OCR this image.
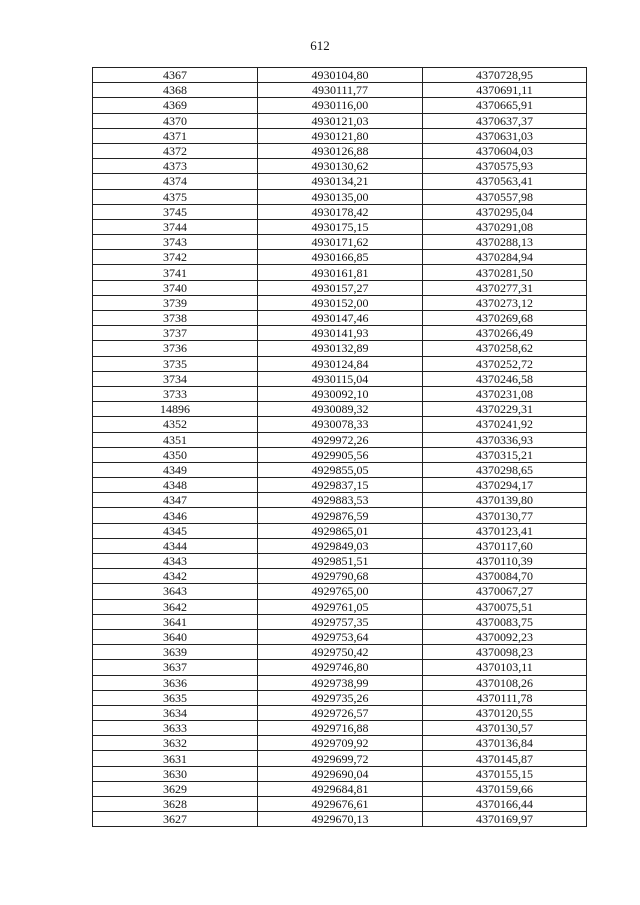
612
4367	4930104,80	4370728,95
4368	4930111,77	4370691,11
4369	4930116,00	4370665,91
4370	4930121,03	4370637,37
4371	4930121,80	4370631,03
4372	4930126,88	4370604,03
4373	4930130,62	4370575,93
4374	4930134,21	4370563,41
4375	4930135,00	4370557,98
3745	4930178,42	4370295,04
3744	4930175,15	4370291,08
3743	4930171,62	4370288,13
3742	4930166,85	4370284,94
3741	4930161,81	4370281,50
3740	4930157,27	4370277,31
3739	4930152,00	4370273,12
3738	4930147,46	4370269,68
3737	4930141,93	4370266,49
3736	4930132,89	4370258,62
3735	4930124,84	4370252,72
3734	4930115,04	4370246,58
3733	4930092,10	4370231,08
14896	4930089,32	4370229,31
4352	4930078,33	4370241,92
4351	4929972,26	4370336,93
4350	4929905,56	4370315,21
4349	4929855,05	4370298,65
4348	4929837,15	4370294,17
4347	4929883,53	4370139,80
4346	4929876,59	4370130,77
4345	4929865,01	4370123,41
4344	4929849,03	4370117,60
4343	4929851,51	4370110,39
4342	4929790,68	4370084,70
3643	4929765,00	4370067,27
3642	4929761,05	4370075,51
3641	4929757,35	4370083,75
3640	4929753,64	4370092,23
3639	4929750,42	4370098,23
3637	4929746,80	4370103,11
3636	4929738,99	4370108,26
3635	4929735,26	4370111,78
3634	4929726,57	4370120,55
3633	4929716,88	4370130,57
3632	4929709,92	4370136,84
3631	4929699,72	4370145,87
3630	4929690,04	4370155,15
3629	4929684,81	4370159,66
3628	4929676,61	4370166,44
3627	4929670,13	4370169,97
